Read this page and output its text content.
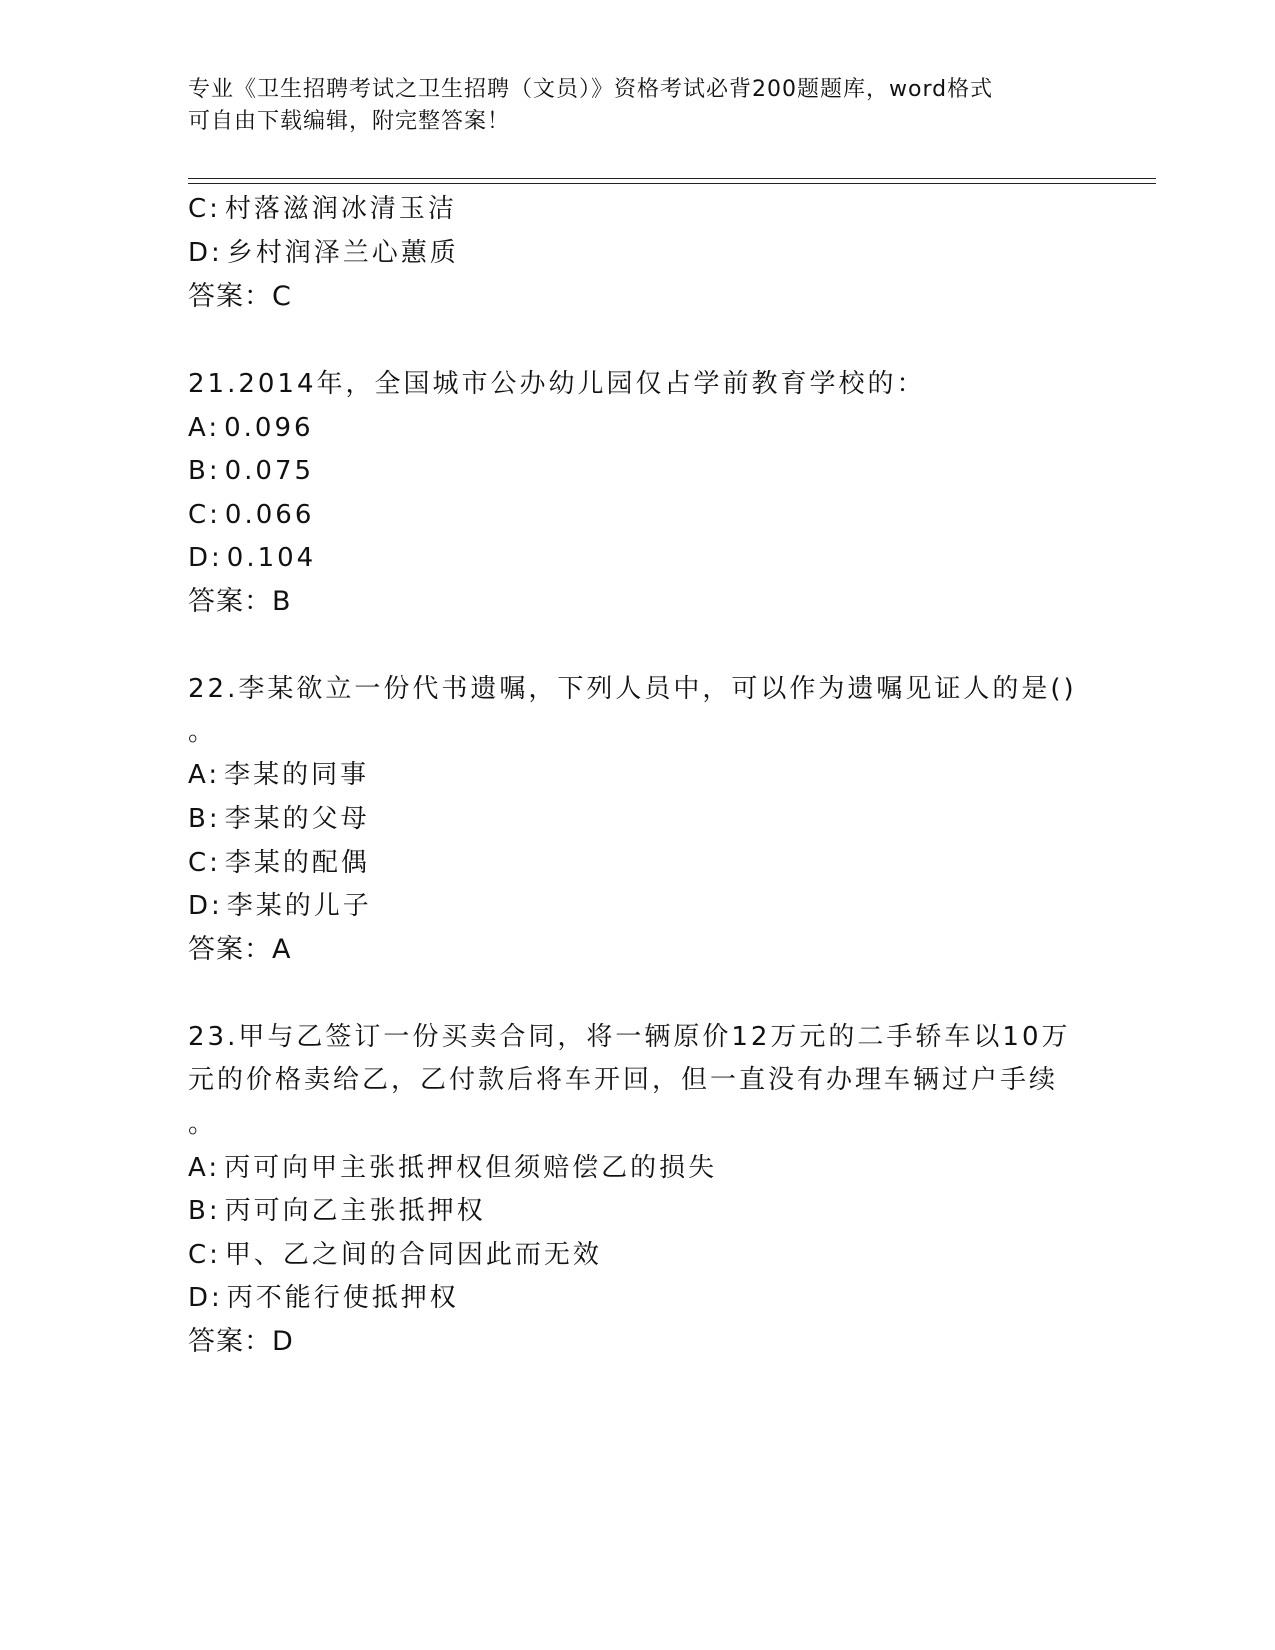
专业《卫生招聘考试之卫生招聘（文员）》资格考试必背200题题库，word格式
可自由下载编辑，附完整答案！
C: 村落滋润冰清玉洁
D: 乡村润泽兰心蕙质
答案：C
21.2014年，全国城市公办幼儿园仅占学前教育学校的：
A: 0.096
B: 0.075
C: 0.066
D: 0.104
答案：B
22.李某欲立一份代书遗嘱，下列人员中，可以作为遗嘱见证人的是()
。
A: 李某的同事
B: 李某的父母
C: 李某的配偶
D: 李某的儿子
答案：A
23.甲与乙签订一份买卖合同，将一辆原价12万元的二手轿车以10万
元的价格卖给乙，乙付款后将车开回，但一直没有办理车辆过户手续
。
A: 丙可向甲主张抵押权但须赔偿乙的损失
B: 丙可向乙主张抵押权
C: 甲、乙之间的合同因此而无效
D: 丙不能行使抵押权
答案：D
